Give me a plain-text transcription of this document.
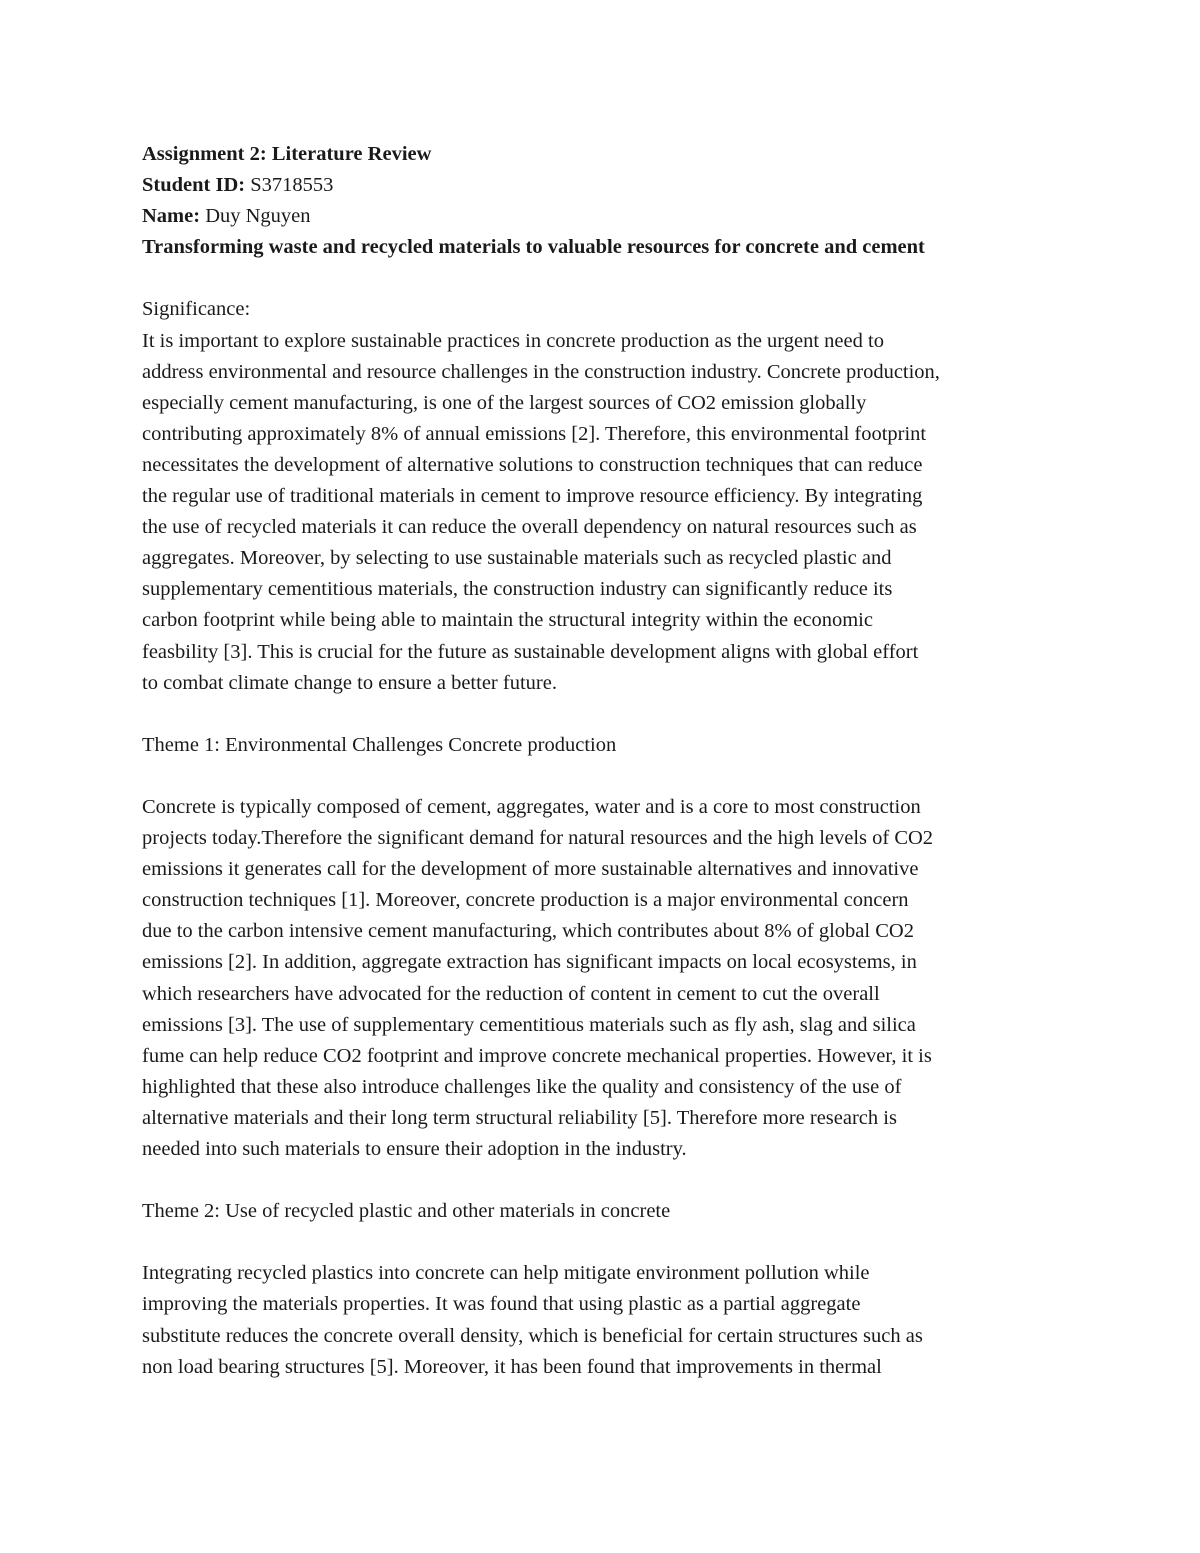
Assignment 2: Literature Review
Student ID: S3718553
Name: Duy Nguyen
Transforming waste and recycled materials to valuable resources for concrete and cement
Significance:

It is important to explore sustainable practices in concrete production as the urgent need to
address environmental and resource challenges in the construction industry. Concrete production,
especially cement manufacturing, is one of the largest sources of CO2 emission globally
contributing approximately 8% of annual emissions [2]. Therefore, this environmental footprint
necessitates the development of alternative solutions to construction techniques that can reduce
the regular use of traditional materials in cement to improve resource efficiency. By integrating
the use of recycled materials it can reduce the overall dependency on natural resources such as
aggregates. Moreover, by selecting to use sustainable materials such as recycled plastic and
supplementary cementitious materials, the construction industry can significantly reduce its
carbon footprint while being able to maintain the structural integrity within the economic
feasbility [3]. This is crucial for the future as sustainable development aligns with global effort
to combat climate change to ensure a better future.

Theme 1: Environmental Challenges Concrete production

Concrete is typically composed of cement, aggregates, water and is a core to most construction
projects today.Therefore the significant demand for natural resources and the high levels of CO2
emissions it generates call for the development of more sustainable alternatives and innovative
construction techniques [1]. Moreover, concrete production is a major environmental concern
due to the carbon intensive cement manufacturing, which contributes about 8% of global CO2
emissions [2]. In addition, aggregate extraction has significant impacts on local ecosystems, in
which researchers have advocated for the reduction of content in cement to cut the overall
emissions [3]. The use of supplementary cementitious materials such as fly ash, slag and silica
fume can help reduce CO2 footprint and improve concrete mechanical properties. However, it is
highlighted that these also introduce challenges like the quality and consistency of the use of
alternative materials and their long term structural reliability [5]. Therefore more research is
needed into such materials to ensure their adoption in the industry.

Theme 2: Use of recycled plastic and other materials in concrete

Integrating recycled plastics into concrete can help mitigate environment pollution while
improving the materials properties. It was found that using plastic as a partial aggregate
substitute reduces the concrete overall density, which is beneficial for certain structures such as
non load bearing structures [5]. Moreover, it has been found that improvements in thermal
